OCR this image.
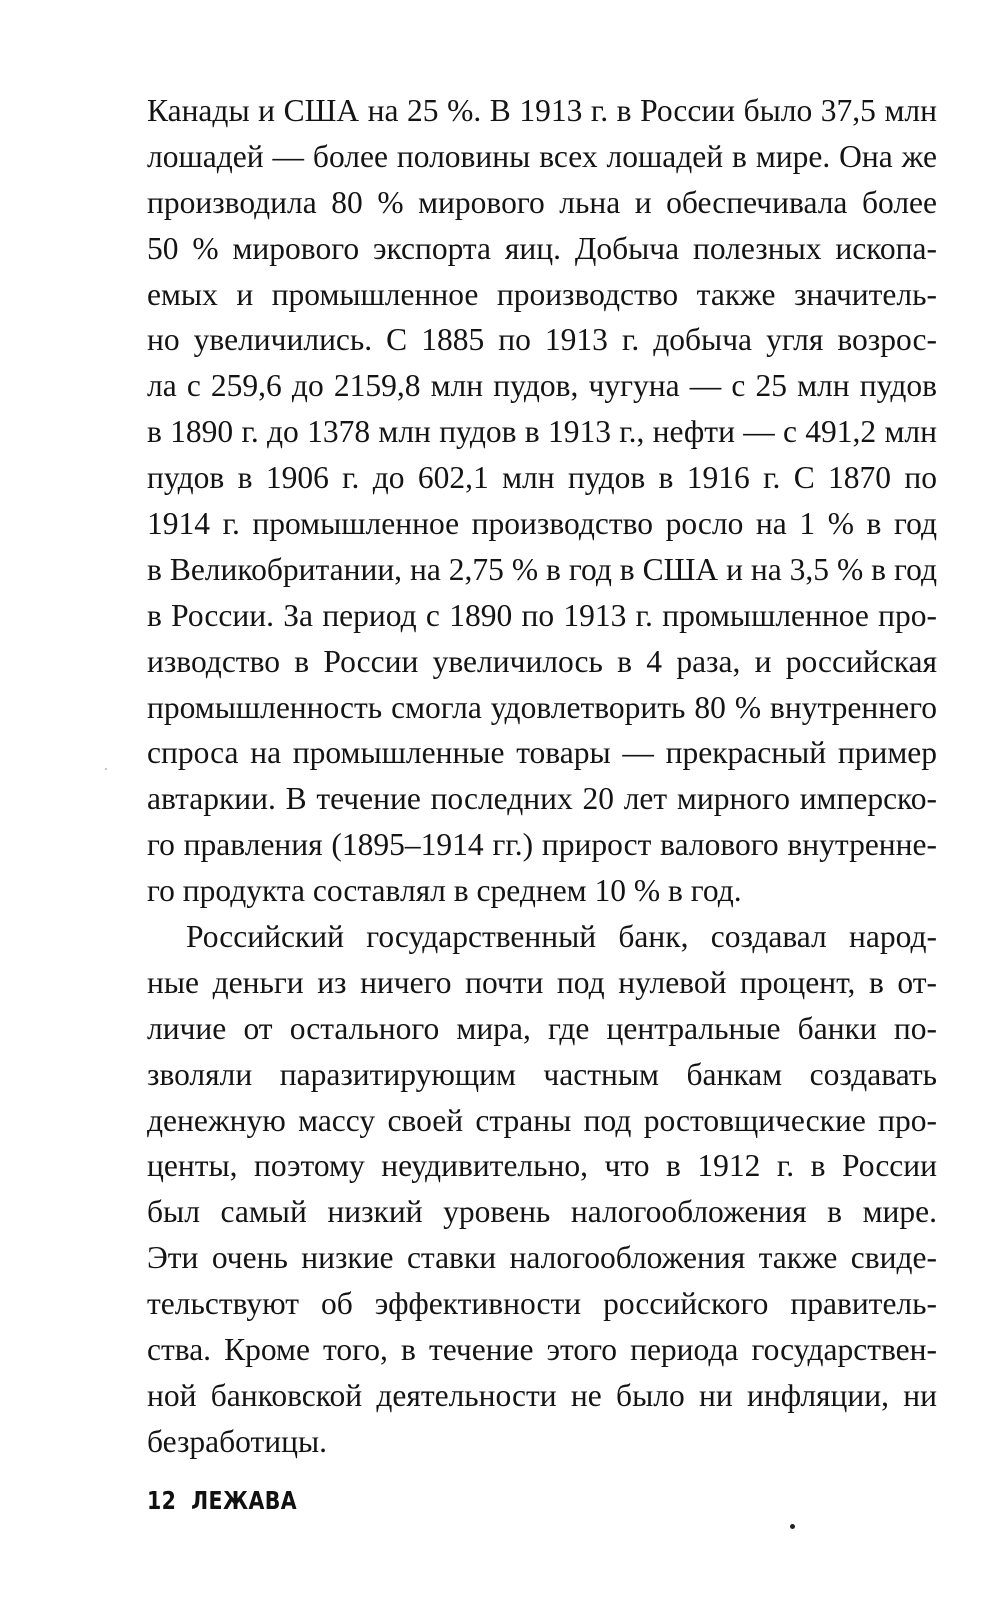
Канады и США на 25 %. В 1913 г. в России было 37,5 млн
лошадей — более половины всех лошадей в мире. Она же
производила 80 % мирового льна и обеспечивала более
50 % мирового экспорта яиц. Добыча полезных ископа-
емых и промышленное производство также значитель-
но увеличились. С 1885 по 1913 г. добыча угля возрос-
ла с 259,6 до 2159,8 млн пудов, чугуна — с 25 млн пудов
в 1890 г. до 1378 млн пудов в 1913 г., нефти — с 491,2 млн
пудов в 1906 г. до 602,1 млн пудов в 1916 г. С 1870 по
1914 г. промышленное производство росло на 1 % в год
в Великобритании, на 2,75 % в год в США и на 3,5 % в год
в России. За период с 1890 по 1913 г. промышленное про-
изводство в России увеличилось в 4 раза, и российская
промышленность смогла удовлетворить 80 % внутреннего
спроса на промышленные товары — прекрасный пример
автаркии. В течение последних 20 лет мирного имперско-
го правления (1895–1914 гг.) прирост валового внутренне-
го продукта составлял в среднем 10 % в год.
Российский государственный банк, создавал народ-
ные деньги из ничего почти под нулевой процент, в от-
личие от остального мира, где центральные банки по-
зволяли паразитирующим частным банкам создавать
денежную массу своей страны под ростовщические про-
центы, поэтому неудивительно, что в 1912 г. в России
был самый низкий уровень налогообложения в мире.
Эти очень низкие ставки налогообложения также свиде-
тельствуют об эффективности российского правитель-
ства. Кроме того, в течение этого периода государствен-
ной банковской деятельности не было ни инфляции, ни
безработицы.
12 ЛЕЖАВА
